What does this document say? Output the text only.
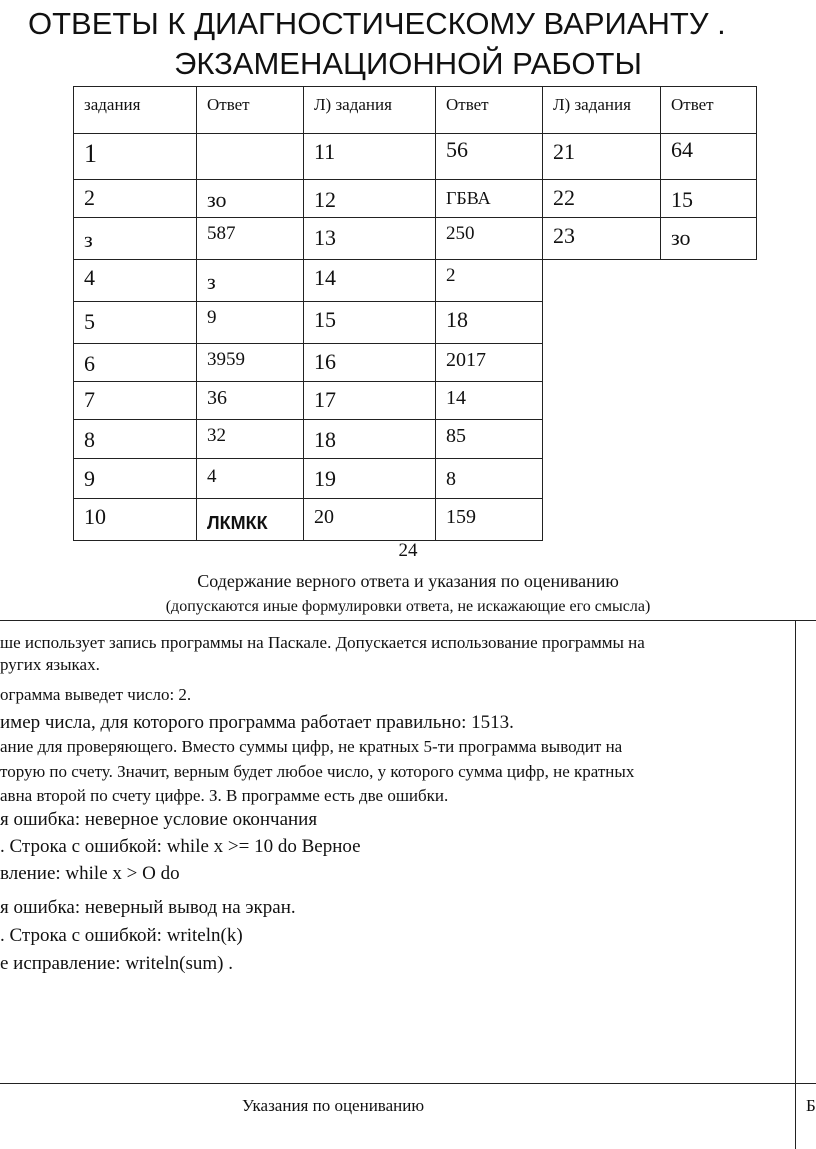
ОТВЕТЫ К ДИАГНОСТИЧЕСКОМУ ВАРИАНТУ .
ЭКЗАМЕНАЦИОННОЙ РАБОТЫ
задания	Ответ	Л) задания	Ответ	Л) задания	Ответ
1		11	56	21	64
2	зо	12	ГБВА	22	15
з	587	13	250	23	зо
4	з	14	2		
5	9	15	18		
6	3959	16	2017		
7	36	17	14		
8	32	18	85		
9	4	19	8		
10	ЛКМКК	20	159		
24
Содержание верного ответа и указания по оцениванию
(допускаются иные формулировки ответа, не искажающие его смысла)
ше использует запись программы на Паскале. Допускается использование программы на
ругих языках.
ограмма выведет число: 2.
имер числа, для которого программа работает правильно: 1513.
ание для проверяющего. Вместо суммы цифр, не кратных 5-ти программа выводит на
торую по счету. Значит, верным будет любое число, у которого сумма цифр, не кратных
авна второй по счету цифре. З. В программе есть две ошибки.
я ошибка: неверное условие окончания
. Строка с ошибкой: while x >= 10 do Верное
вление: while x > O do
я ошибка: неверный вывод на экран.
. Строка с ошибкой: writeln(k)
е исправление: writeln(sum) .
Указания по оцениванию	Б
